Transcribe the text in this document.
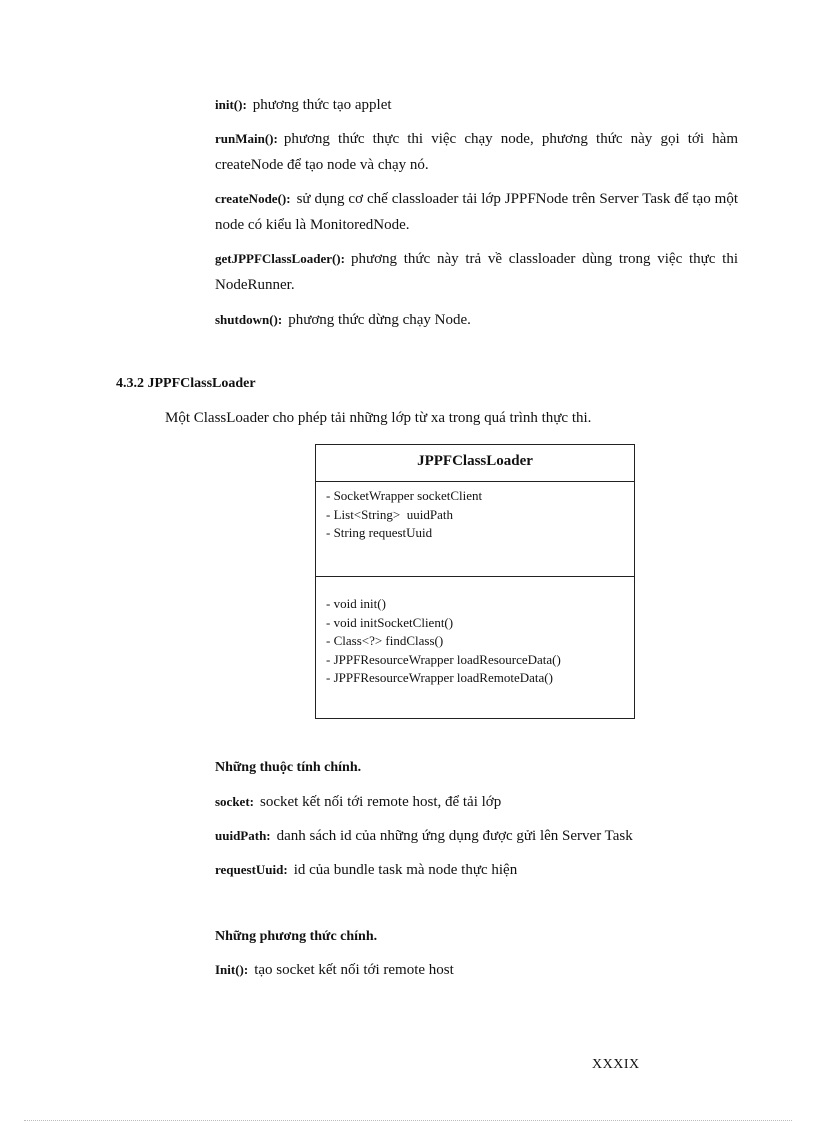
init(): phương thức tạo applet
runMain(): phương thức thực thi việc chạy node, phương thức này gọi tới hàm createNode để tạo node và chạy nó.
createNode(): sử dụng cơ chế classloader tải lớp JPPFNode trên Server Task để tạo một node có kiểu là MonitoredNode.
getJPPFClassLoader(): phương thức này trả về classloader dùng trong việc thực thi NodeRunner.
shutdown(): phương thức dừng chạy Node.
4.3.2 JPPFClassLoader
Một ClassLoader cho phép tải những lớp từ xa trong quá trình thực thi.
JPPFClassLoader
- SocketWrapper socketClient
- List<String>  uuidPath
- String requestUuid
- void init()
- void initSocketClient()
- Class<?> findClass()
- JPPFResourceWrapper loadResourceData()
- JPPFResourceWrapper loadRemoteData()
Những thuộc tính chính.
socket: socket kết nối tới remote host, để tải lớp
uuidPath: danh sách id của những ứng dụng được gửi lên Server Task
requestUuid: id của bundle task mà node thực hiện
Những phương thức chính.
Init(): tạo socket kết nối tới remote host
XXXIX
